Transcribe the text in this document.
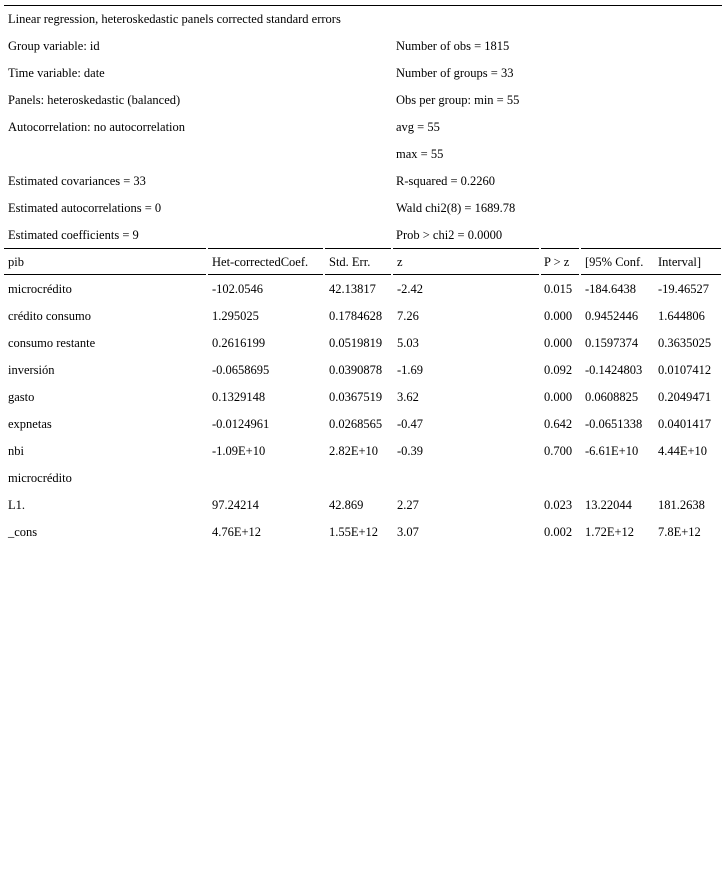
Linear regression, heteroskedastic panels corrected standard errors
Group variable: id
Time variable: date
Panels: heteroskedastic (balanced)
Autocorrelation: no autocorrelation
Estimated covariances = 33
Estimated autocorrelations = 0
Estimated coefficients = 9
Number of obs = 1815
Number of groups = 33
Obs per group: min = 55
avg = 55
max = 55
R-squared = 0.2260
Wald chi2(8) = 1689.78
Prob > chi2 = 0.0000
pib	Het-correctedCoef. Std. Err. z	P > z [95% Conf. Interval]
microcrédito	-102.0546	42.13817 -2.42	0.015 -184.6438 -19.46527
crédito consumo	1.295025	0.1784628 7.26	0.000 0.9452446 1.644806
consumo restante	0.2616199	0.0519819 5.03	0.000 0.1597374 0.3635025
inversión	-0.0658695	0.0390878 -1.69	0.092 -0.1424803 0.0107412
gasto	0.1329148	0.0367519 3.62	0.000 0.0608825 0.2049471
expnetas	-0.0124961	0.0268565 -0.47	0.642 -0.0651338 0.0401417
nbi	-1.09E+10	2.82E+10 -0.39	0.700 -6.61E+10 4.44E+10
microcrédito
L1.	97.24214	42.869	2.27	0.023 13.22044 181.2638
_cons	4.76E+12	1.55E+12 3.07	0.002 1.72E+12 7.8E+12
